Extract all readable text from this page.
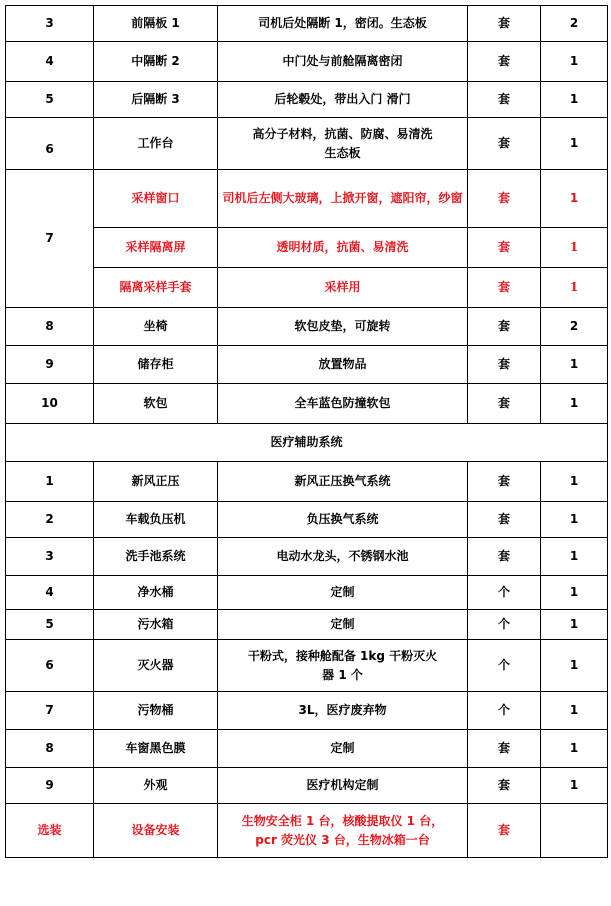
3	前隔板 1	司机后处隔断 1，密闭。生态板	套	2
4	中隔断 2	中门处与前舱隔离密闭	套	1
5	后隔断 3	后轮毂处，带出入门 滑门	套	1
6	工作台	高分子材料，抗菌、防腐、易清洗生态板	套	1
7	采样窗口	司机后左侧大玻璃，上掀开窗，遮阳帘，纱窗	套	1
	采样隔离屏	透明材质，抗菌、易清洗	套	1
	隔离采样手套	采样用	套	1
8	坐椅	软包皮垫，可旋转	套	2
9	储存柜	放置物品	套	1
10	软包	全车蓝色防撞软包	套	1
医疗辅助系统				
1	新风正压	新风正压换气系统	套	1
2	车载负压机	负压换气系统	套	1
3	洗手池系统	电动水龙头，不锈钢水池	套	1
4	净水桶	定制	个	1
5	污水箱	定制	个	1
6	灭火器	干粉式，接种舱配备 1kg 干粉灭火器 1 个	个	1
7	污物桶	3L，医疗废弃物	个	1
8	车窗黑色膜	定制	套	1
9	外观	医疗机构定制	套	1
选装	设备安装	生物安全柜 1 台，核酸提取仪 1 台，pcr 荧光仪 3 台，生物冰箱一台	套	
